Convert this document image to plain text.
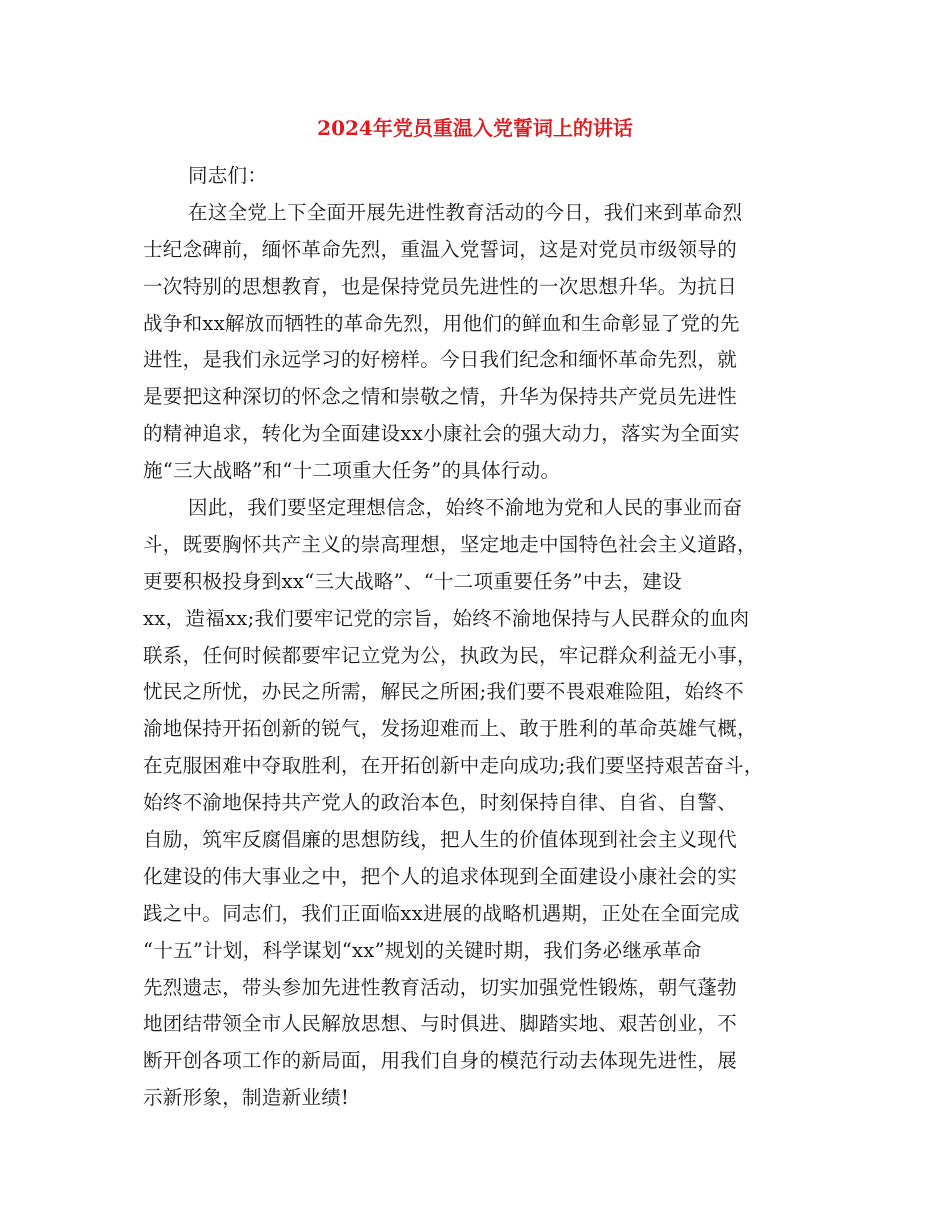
2024年党员重温入党誓词上的讲话
同志们：
在这全党上下全面开展先进性教育活动的今日，我们来到革命烈
士纪念碑前，缅怀革命先烈，重温入党誓词，这是对党员市级领导的
一次特别的思想教育，也是保持党员先进性的一次思想升华。为抗日
战争和xx解放而牺牲的革命先烈，用他们的鲜血和生命彰显了党的先
进性，是我们永远学习的好榜样。今日我们纪念和缅怀革命先烈，就
是要把这种深切的怀念之情和崇敬之情，升华为保持共产党员先进性
的精神追求，转化为全面建设xx小康社会的强大动力，落实为全面实
施“三大战略”和“十二项重大任务”的具体行动。
因此，我们要坚定理想信念，始终不渝地为党和人民的事业而奋
斗，既要胸怀共产主义的崇高理想，坚定地走中国特色社会主义道路，
更要积极投身到xx“三大战略”、“十二项重要任务”中去，建设
xx，造福xx;我们要牢记党的宗旨，始终不渝地保持与人民群众的血肉
联系，任何时候都要牢记立党为公，执政为民，牢记群众利益无小事，
忧民之所忧，办民之所需，解民之所困;我们要不畏艰难险阻，始终不
渝地保持开拓创新的锐气，发扬迎难而上、敢于胜利的革命英雄气概，
在克服困难中夺取胜利，在开拓创新中走向成功;我们要坚持艰苦奋斗，
始终不渝地保持共产党人的政治本色，时刻保持自律、自省、自警、
自励，筑牢反腐倡廉的思想防线，把人生的价值体现到社会主义现代
化建设的伟大事业之中，把个人的追求体现到全面建设小康社会的实
践之中。同志们，我们正面临xx进展的战略机遇期，正处在全面完成
“十五”计划，科学谋划“xx”规划的关键时期，我们务必继承革命
先烈遗志，带头参加先进性教育活动，切实加强党性锻炼，朝气蓬勃
地团结带领全市人民解放思想、与时俱进、脚踏实地、艰苦创业，不
断开创各项工作的新局面，用我们自身的模范行动去体现先进性，展
示新形象，制造新业绩!
